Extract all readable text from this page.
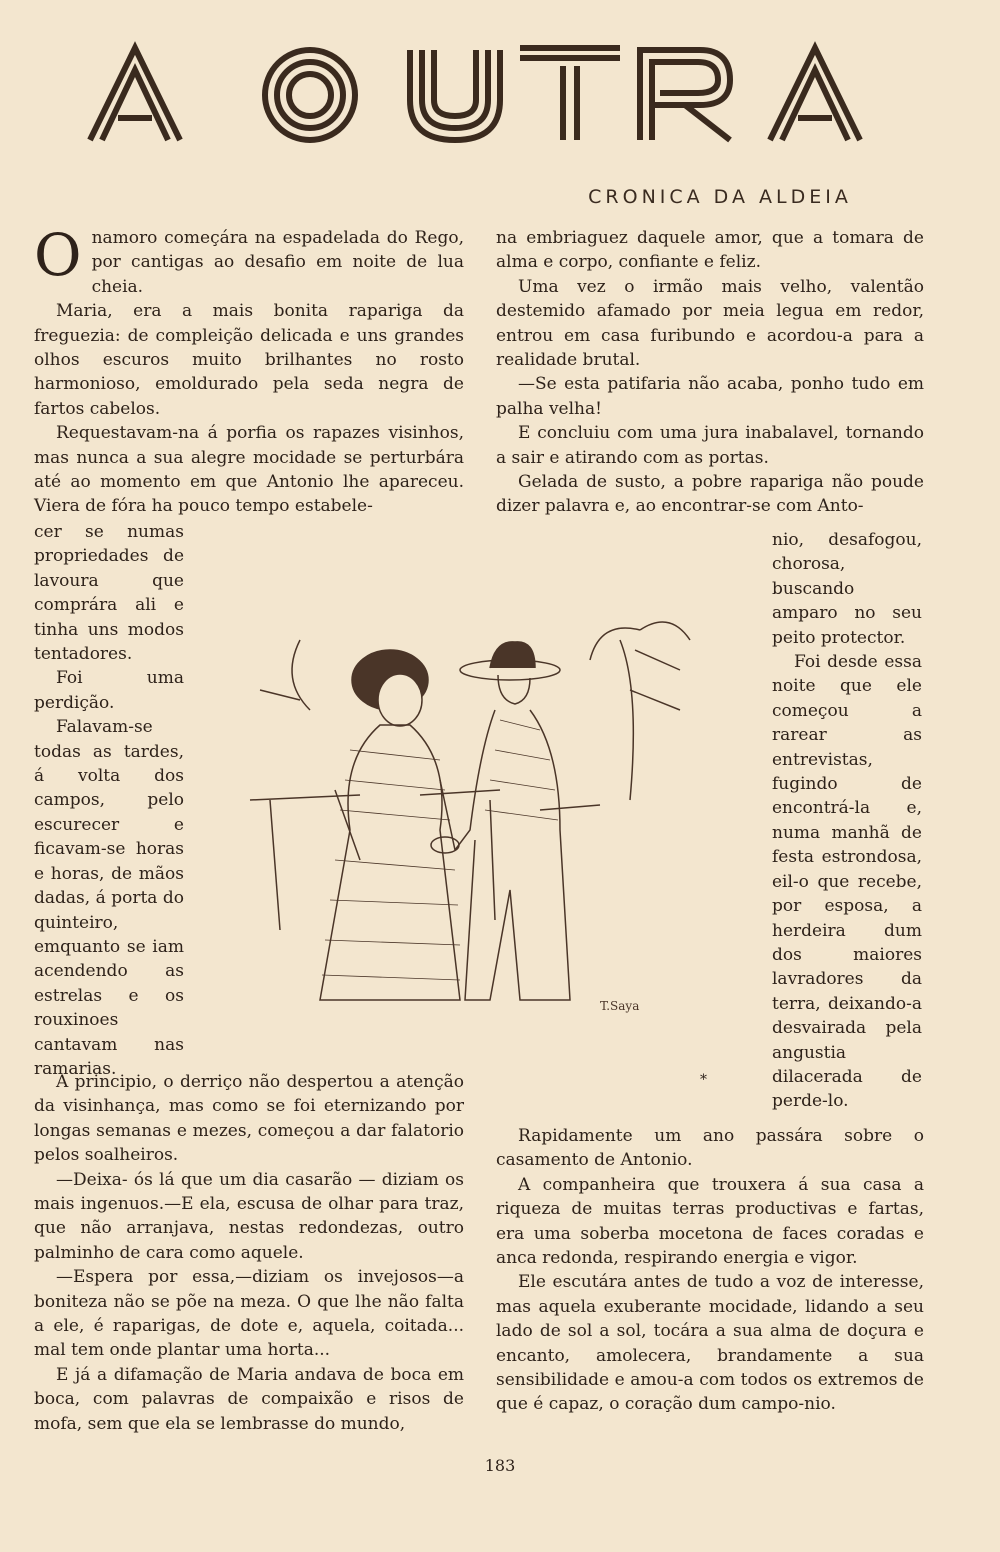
A OUTRA
CRONICA DA ALDEIA

Onamoro começára na espadelada do Rego, por cantigas ao desafio em noite de lua cheia.

Maria, era a mais bonita rapariga da freguezia: de compleição delicada e uns grandes olhos escuros muito brilhantes no rosto harmonioso, emoldurado pela seda negra de fartos cabelos.

Requestavam-na á porfia os rapazes visinhos, mas nunca a sua alegre mocidade se perturbára até ao momento em que Antonio lhe apareceu. Viera de fóra ha pouco tempo estabele-

cer se numas propriedades de lavoura que comprára ali e tinha uns modos tentadores.

Foi uma perdição.

Falavam-se todas as tardes, á volta dos campos, pelo escurecer e ficavam-se horas e horas, de mãos dadas, á porta do quinteiro, emquanto se iam acendendo as estrelas e os rouxinoes cantavam nas ramarias.

T.Saya

A principio, o derriço não despertou a atenção da visinhança, mas como se foi eternizando por longas semanas e mezes, começou a dar falatorio pelos soalheiros.

—Deixa- ós lá que um dia casarão — diziam os mais ingenuos.—E ela, escusa de olhar para traz, que não arranjava, nestas redondezas, outro palminho de cara como aquele.

—Espera por essa,—diziam os invejosos—a boniteza não se põe na meza. O que lhe não falta a ele, é raparigas, de dote e, aquela, coitada... mal tem onde plantar uma horta...

E já a difamação de Maria andava de boca em boca, com palavras de compaixão e risos de mofa, sem que ela se lembrasse do mundo,

na embriaguez daquele amor, que a tomara de alma e corpo, confiante e feliz.

Uma vez o irmão mais velho, valentão destemido afamado por meia legua em redor, entrou em casa furibundo e acordou-a para a realidade brutal.

—Se esta patifaria não acaba, ponho tudo em palha velha!

E concluiu com uma jura inabalavel, tornando a sair e atirando com as portas.

Gelada de susto, a pobre rapariga não poude dizer palavra e, ao encontrar-se com Anto-

nio, desafogou, chorosa, buscando amparo no seu peito protector.

Foi desde essa noite que ele começou a rarear as entrevistas, fugindo de encontrá-la e, numa manhã de festa estrondosa, eil-o que recebe, por esposa, a herdeira dum dos maiores lavradores da terra, deixando-a desvairada pela angustia dilacerada de perde-lo.

*

Rapidamente um ano passára sobre o casamento de Antonio.

A companheira que trouxera á sua casa a riqueza de muitas terras productivas e fartas, era uma soberba mocetona de faces coradas e anca redonda, respirando energia e vigor.

Ele escutára antes de tudo a voz de interesse, mas aquela exuberante mocidade, lidando a seu lado de sol a sol, tocára a sua alma de doçura e encanto, amolecera, brandamente a sua sensibilidade e amou-a com todos os extremos de que é capaz, o coração dum campo-nio.

183
